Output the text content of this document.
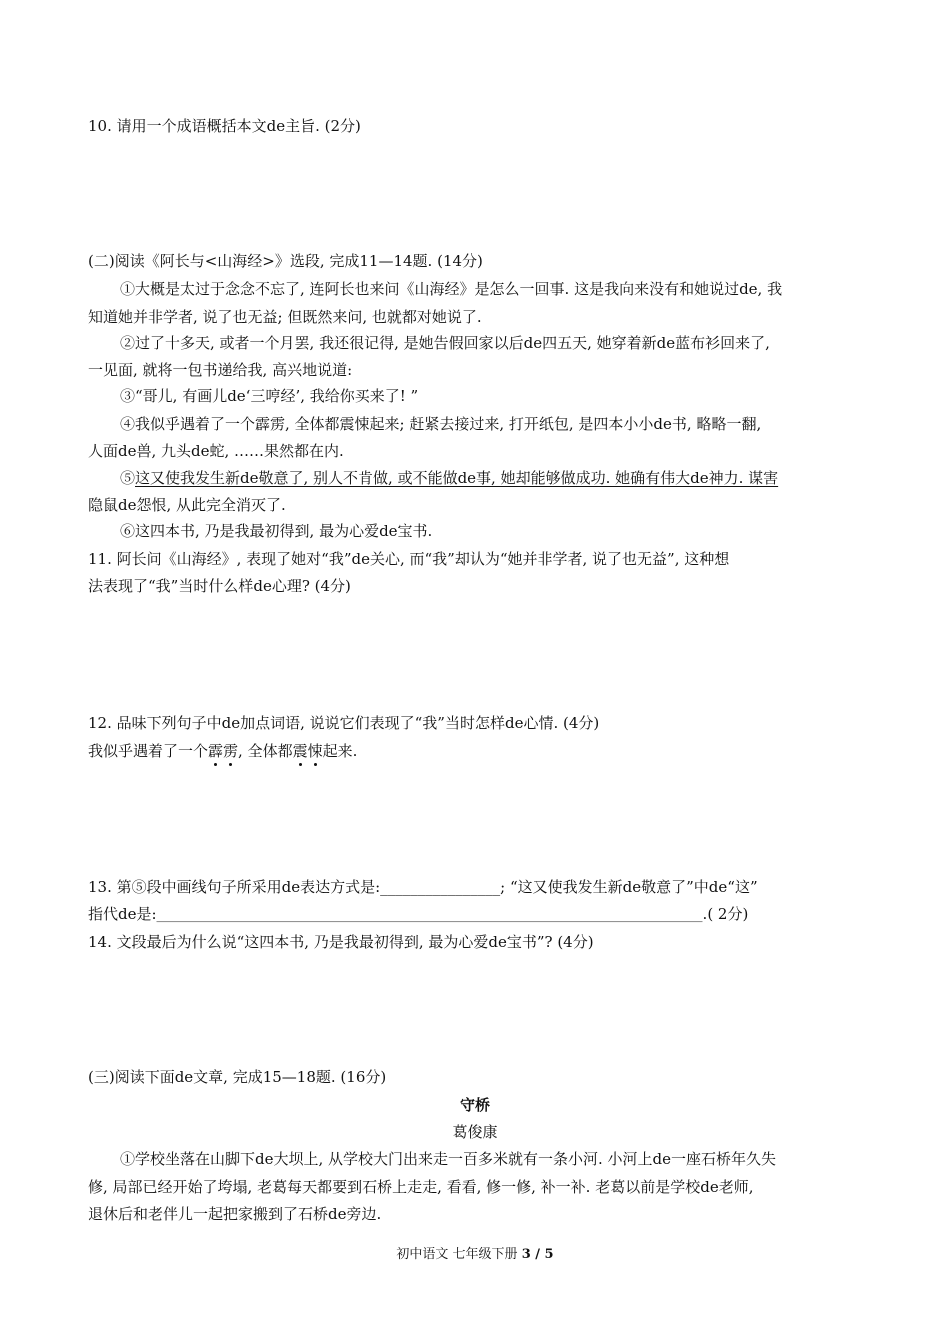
10. 请用一个成语概括本文de主旨. (2分)
(二)阅读《阿长与<山海经>》选段, 完成11—14题. (14分)
①大概是太过于念念不忘了, 连阿长也来问《山海经》是怎么一回事. 这是我向来没有和她说过de, 我
知道她并非学者, 说了也无益; 但既然来问, 也就都对她说了.
②过了十多天, 或者一个月罢, 我还很记得, 是她告假回家以后de四五天, 她穿着新de蓝布衫回来了,
一见面, 就将一包书递给我, 高兴地说道:
③“哥儿, 有画儿de‘三哼经’, 我给你买来了! ”
④我似乎遇着了一个霹雳, 全体都震悚起来; 赶紧去接过来, 打开纸包, 是四本小小de书, 略略一翻,
人面de兽, 九头de蛇, ……果然都在内.
⑤这又使我发生新de敬意了, 别人不肯做, 或不能做de事, 她却能够做成功. 她确有伟大de神力. 谋害
隐鼠de怨恨, 从此完全消灭了.
⑥这四本书, 乃是我最初得到, 最为心爱de宝书.
11. 阿长问《山海经》, 表现了她对“我”de关心, 而“我”却认为“她并非学者, 说了也无益”, 这种想
法表现了“我”当时什么样de心理? (4分)
12. 品味下列句子中de加点词语, 说说它们表现了“我”当时怎样de心情. (4分)
我似乎遇着了一个霹雳, 全体都震悚起来.
13. 第⑤段中画线句子所采用de表达方式是:________________; “这又使我发生新de敬意了”中de“这”
指代de是:____________________________________________________________________________________.( 2分)
14. 文段最后为什么说“这四本书, 乃是我最初得到, 最为心爱de宝书”? (4分)
(三)阅读下面de文章, 完成15—18题. (16分)
守桥
葛俊康
①学校坐落在山脚下de大坝上, 从学校大门出来走一百多米就有一条小河. 小河上de一座石桥年久失
修, 局部已经开始了垮塌, 老葛每天都要到石桥上走走, 看看, 修一修, 补一补. 老葛以前是学校de老师,
退休后和老伴儿一起把家搬到了石桥de旁边.
初中语文 七年级下册 3 / 5
